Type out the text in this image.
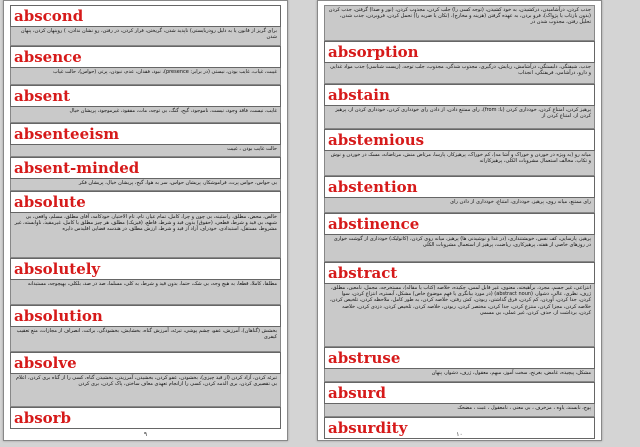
abscond
برای گریز از قانون یا به دلیل رودربایستی) ناپدید شدن، گریختن، فرار کردن، در رفتن، رو نشان ندادن، ) روپنهان کردن، پنهان شدن
absence
غیبت، غیاب، غایب بودن، نیستی (در برابر: presence)، نبود، فقدان، عدم، نبودن، پرتی (حواس)، حالت غیاب
absent
غایب، نیست، فاقد وجود، نیست، ناموجود، گیج، گنگ، بی توجه، مات، مفقود، غیرموجود، پریشان خیال
absenteeism
حالت غایب بودن ، غیبت
absent-minded
بی حواس، حواس پرت، فراموشکار، پریشان حواس، سر به هوا، گیج، پریشان خیال، پریشان فکر
absolute
خالص، محض، مطلق، راستینه، بی چون و چرا، کامل، تمام عیار، تام، تام الاختیار، خودکامه، آقای مطلق، مسلم، واقعی، بی شبهه، بی قید و شرط، قطعی، (حقوق) بدون قید و شرط، قاطع، (فیزیک) مطلق، هر چیز مطلق یا کامل، غیرمقید، ناوابسته، غیر مشروط، مستقل، استبدادی، خودرای، آزاد از قید و شرط، ارزش مطلق، در هندسه فضایی اقلیدس دایره
absolutely
مطلقا، کاملا، قطعا، به هیچ وجه، بی شک، حتما، بدون قید و شرط، به کلی، مسلما، صد در صد، بلکلی، بهیچوجه، مستبدانه
absolution
بخشش (گناهان)، آمرزش، عفو، چشم پوشی، تبرئه، آمرزش گناه، بخشایش، بخشودگی، برائت، انصراف از مجازات، منع تعقیب کیفری
absolve
تبرئه کردن، آزاد کردن (از قید چیزی)، بخشودن، عفو کردن، بخشیدن، آمرزیدن، بخشیدن گناه، کسی را از گناه بری کردن، اعلام بی تقصیری کردن، بری الذمه کردن، کسی را ازانجام تعهدی معاف ساختن، پاک کردن، بری کردن
absorb
۹
جذب کردن، درآشامیدن، درکشیدن، به خود کشیدن، (توجه کسی را) جلب کردن، مجذوب کردن، (نور و صدا) گرفتن، جذب کردن (بدون بازتاب یا پژواک)، فرو بردن، به عهده گرفتن (هزینه و مخارج)، (تکان یا ضربه را) تحمل کردن، فروبردن، جذب شدن، تحلیل رفتن، مجذوب شدن در
absorption
جذب، شیفتگی، دلبستگی، درآشامش، ربایش، درگیری، مجذوب شدگی، مجذوب، جلب توجه، (زیست شناسی) جذب مواد غذایی و دارو، درآشامی، فریفتگی، انجذاب
abstain
پرهیز کردن، امتناع کردن، خودداری کردن (با: from)، رای ممتنع دادن، از دادن رای خودداری کردن، خودداری کردن از، پرهیز کردن از، امتناع کردن از
abstemious
میانه رو (به ویژه در خوردن و خوراک و آشا مه)، کم خوراک، پرهیزکار، پارسا، مرتاض منش، مرتاضانه، مسک در خوردن و نوش و تکاپ، مخالف استعمال مشروبات الکلی، پرهیزکارانه
abstention
رای ممتنع، میانه روی، پرهیز، خودداری، امتناع، خودداری از دادن رای
abstinence
پرهیز، پارسایی، کف نفس، خویشتنداری، (در غذا و نوشیدنی ها) پرهیز، میانه روی کردن، (کاتولیک) خودداری از گوشت خواری در روزهای خاصی از هفته، پرهیزکاری، ریاضت، پرهیز از استعمال مشروبات الکلی
abstract
انتزاعی، غیر جسم، مجرد، برآهیخته، معنوی، غیر قابل لمس، چکیده، خلاصه (کتاب یا مقاله)، مستخرجه، مجمل، نامعین، مطلق، ژرف، نظری، عالی، دشوار، (abstract noun) (در مورد بیانگری یا فهم موضوع خاص) مشکل، آبستره، انتزاع کردن، سوا کردن، جدا کردن، آوردن، کم کردن، فرق گذاشتن، ربودن، کش رفتن، خلاصه کردن، به طور کامل، ملاحظه کردن، تلخیص کردن، خلاصه کردن، مجزا کردن، منتزع کردن، جدا کردن، مختصر کردن، ربودن، خلاصه کردن، تلخیص کردن، دزدی کردن، خلاصه کردن، برداشت از، حذف کردن، غیر عملی، بی مسمی
abstruse
مشکل، پیچیده، غامض، بغرنج، سخت آموز، مبهم، معقول، ژرف، دشوار، پنهان
absurd
پوچ، نابسند، یاوه ، مزخرف ، بی معنی ، نامعقول ، عبث ، مضحک
absurdity	۱۰
